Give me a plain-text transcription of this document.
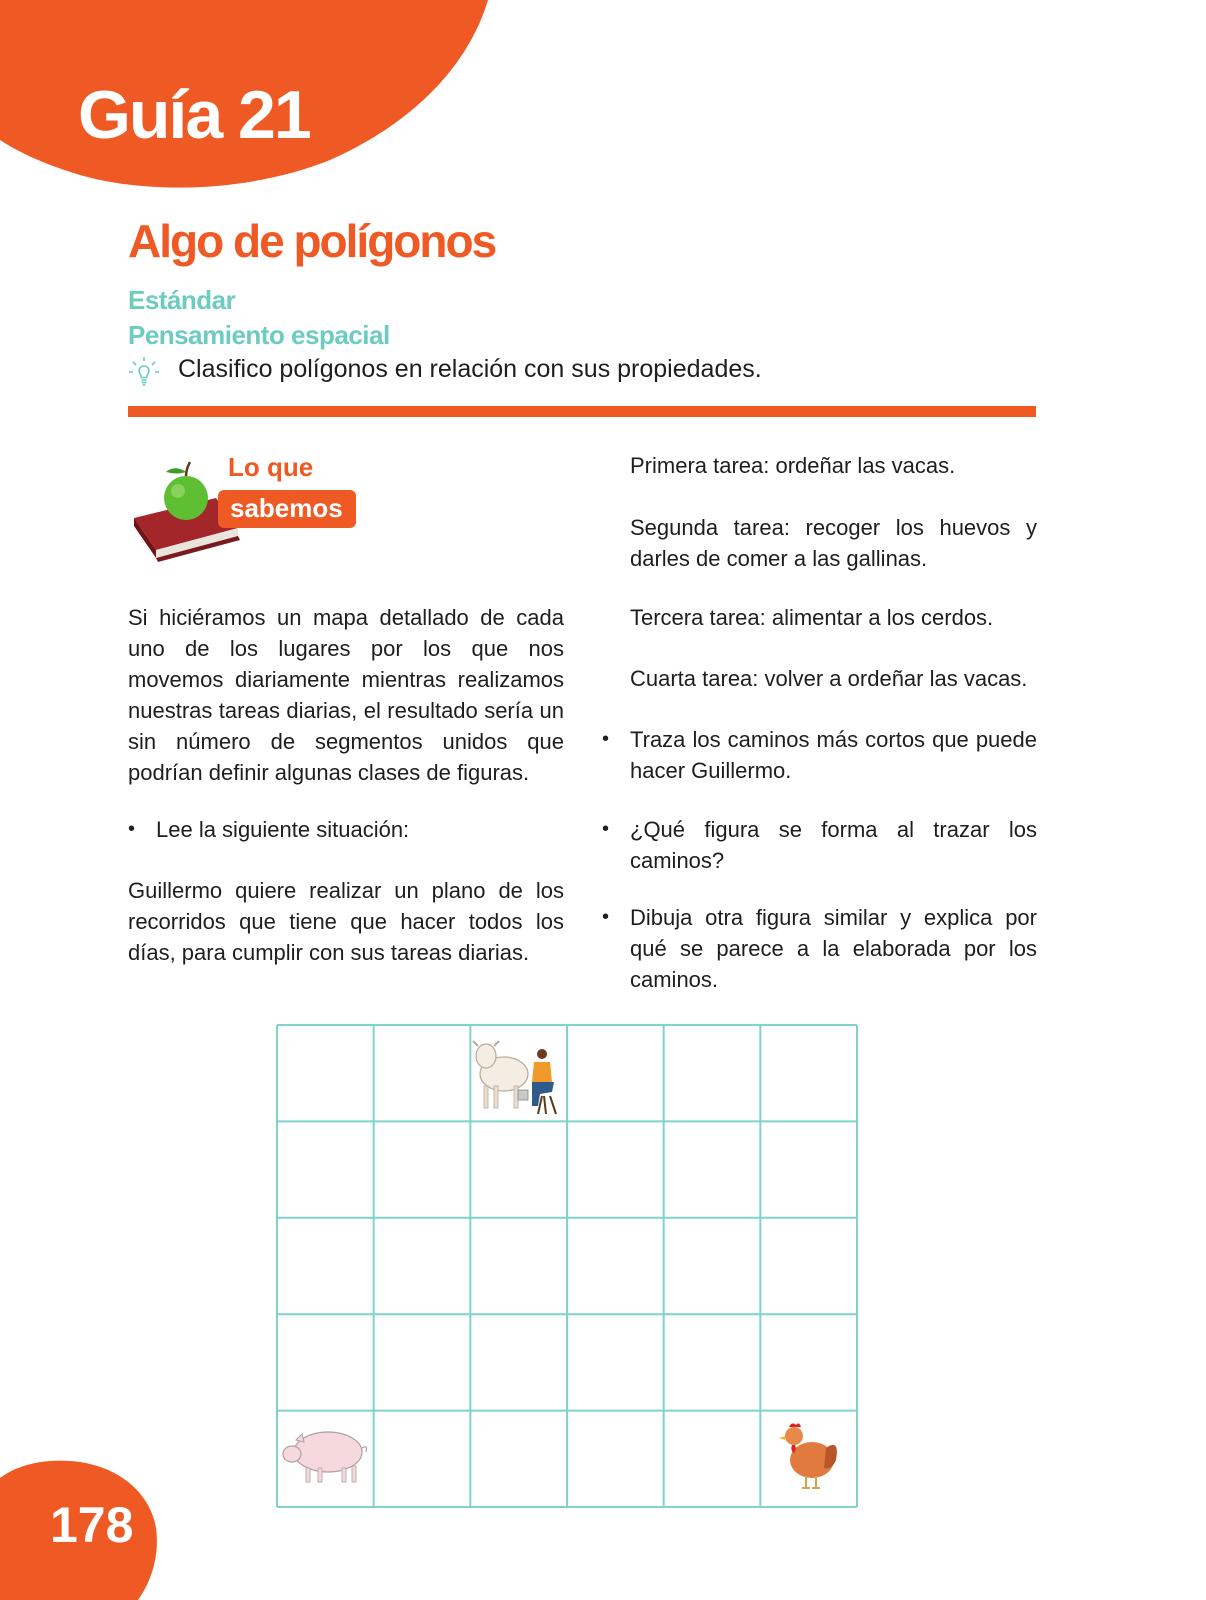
Guía 21
Algo de polígonos
Estándar
Pensamiento espacial
Clasifico polígonos en relación con sus propiedades.
Lo que
sabemos
Si hiciéramos un mapa detallado de cada uno de los lugares por los que nos movemos diariamente mientras realizamos nuestras tareas diarias, el resultado sería un sin número de segmentos unidos que podrían definir algunas clases de figuras.
• Lee la siguiente situación:
Guillermo quiere realizar un plano de los recorridos que tiene que hacer todos los días, para cumplir con sus tareas diarias.
Primera tarea: ordeñar las vacas.
Segunda tarea: recoger los huevos y darles de comer a las gallinas.
Tercera tarea: alimentar a los cerdos.
Cuarta tarea: volver a ordeñar las vacas.
• Traza los caminos más cortos que puede hacer Guillermo.
• ¿Qué figura se forma al trazar los caminos?
• Dibuja otra figura similar y explica por qué se parece a la elaborada por los caminos.
178
